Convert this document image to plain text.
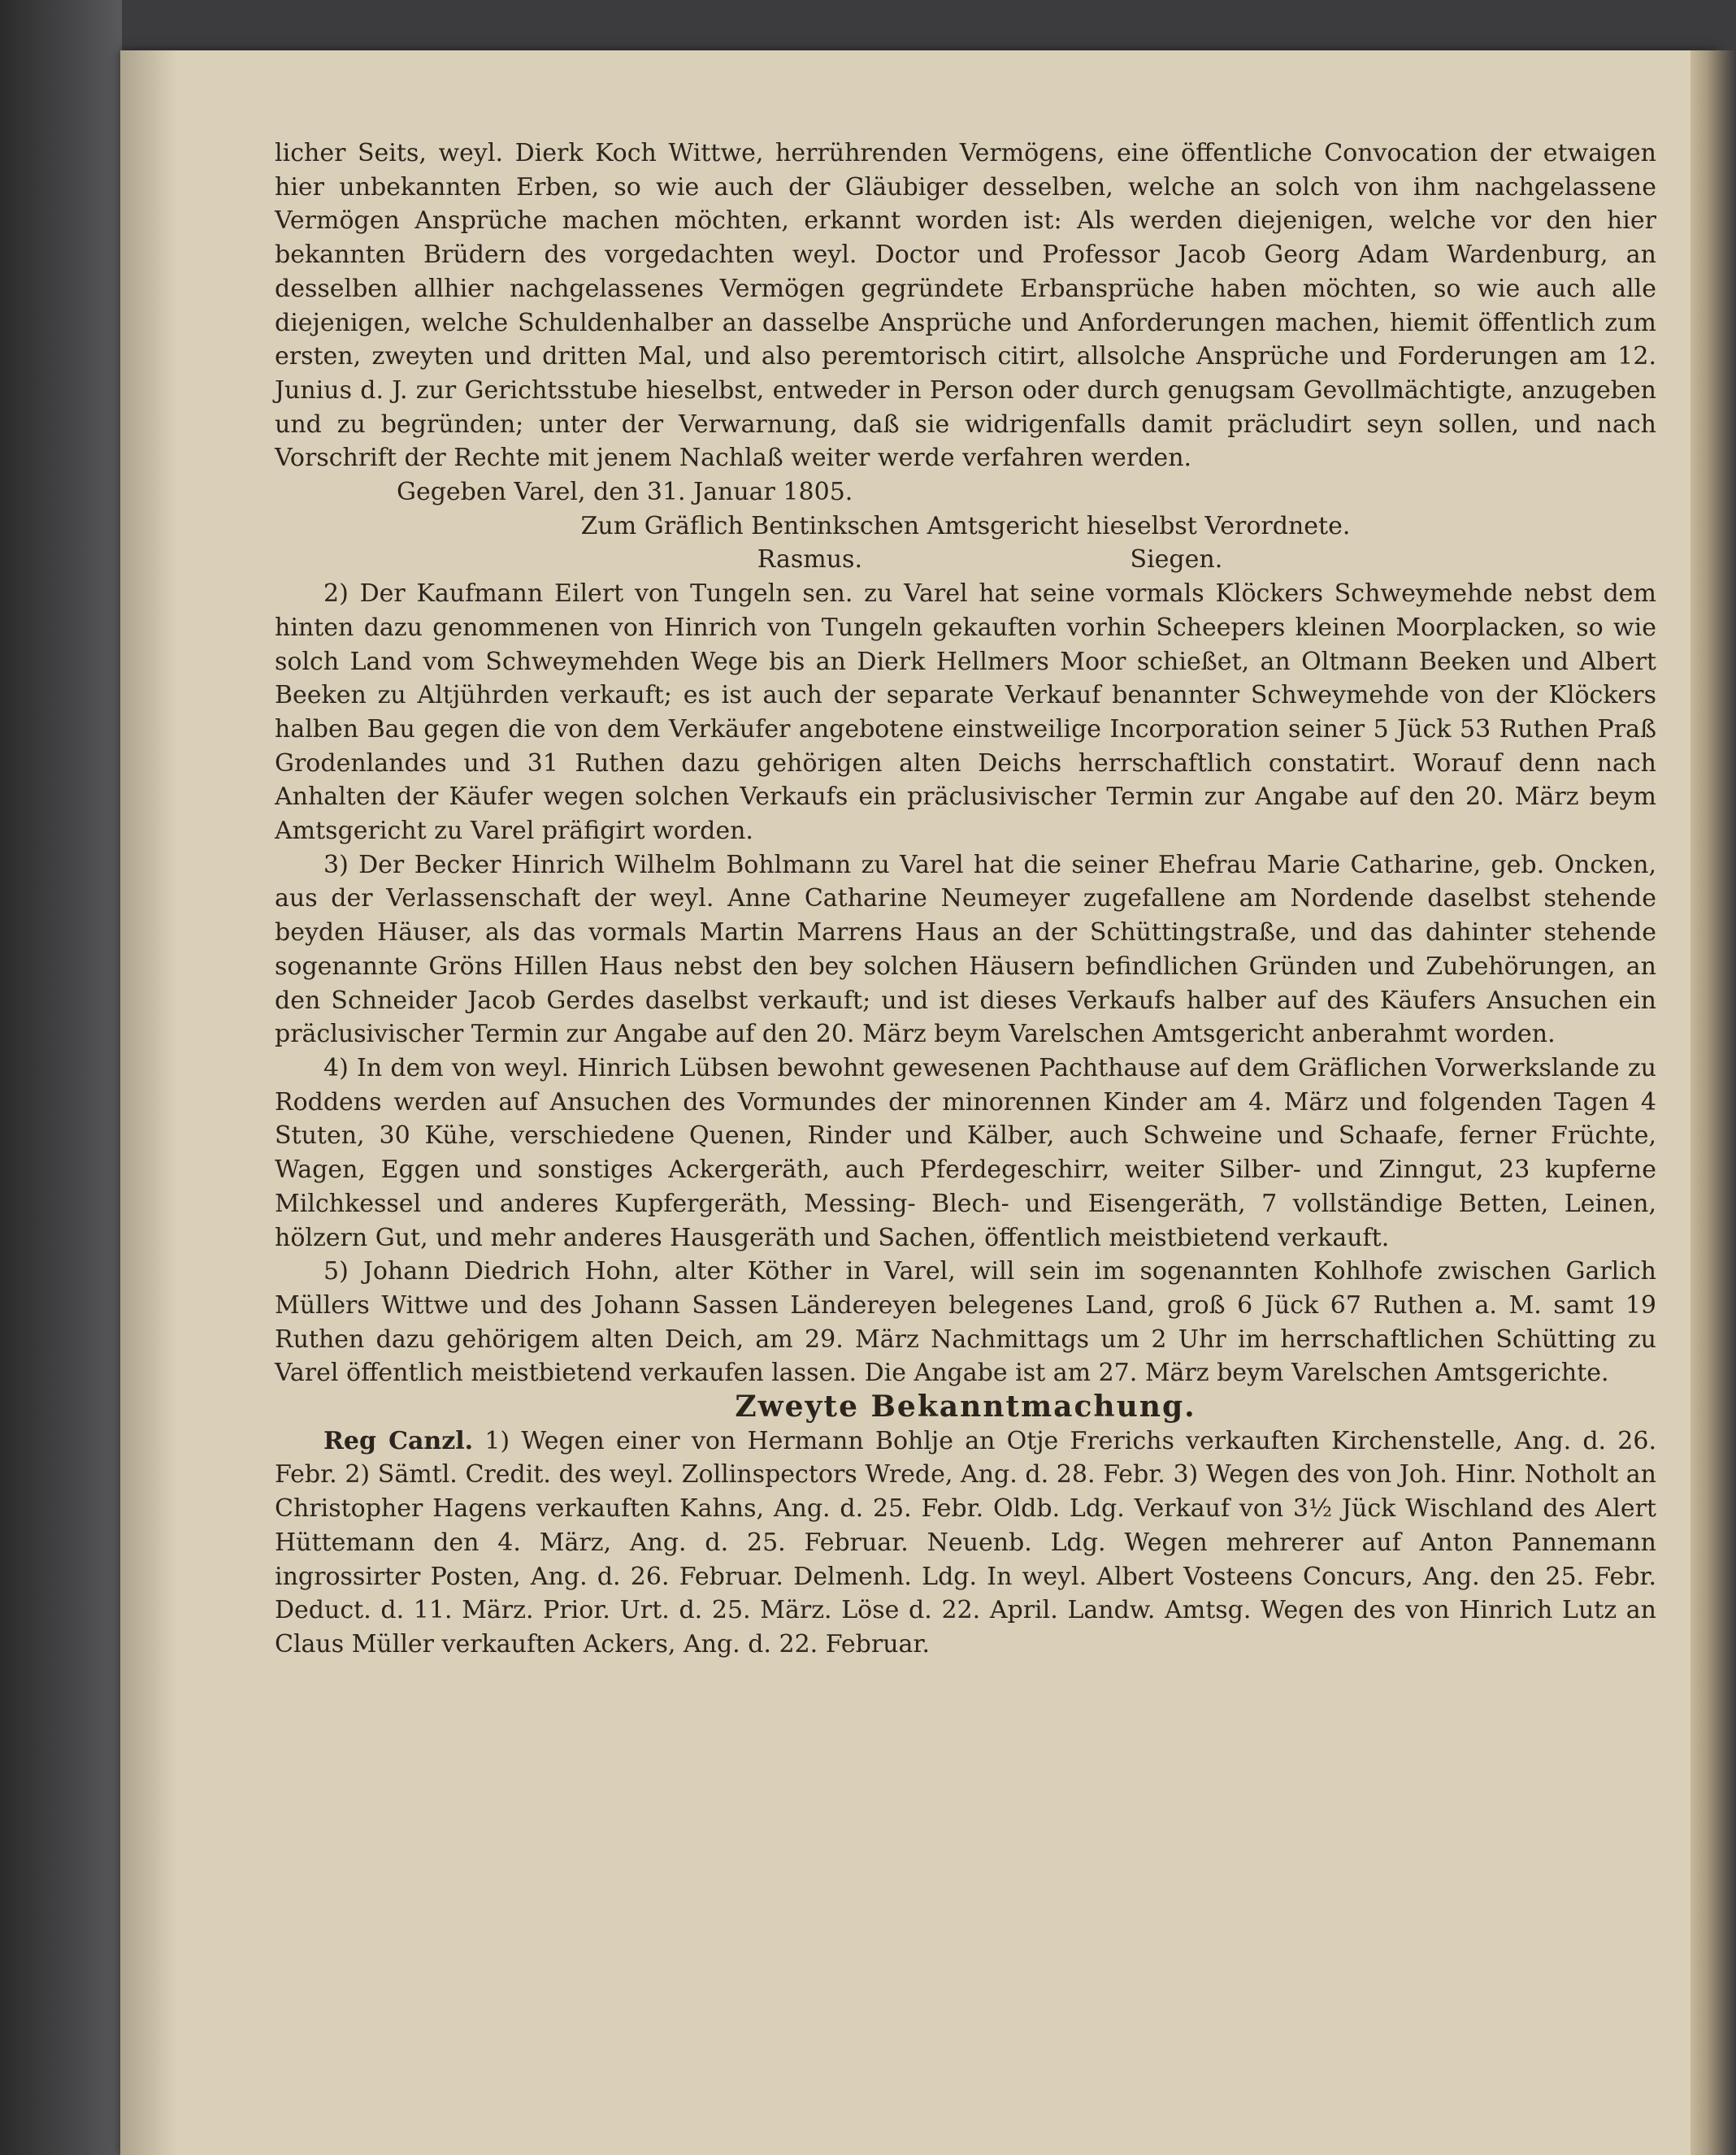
licher Seits, weyl. Dierk Koch Wittwe, herrührenden Vermögens, eine öffentliche Convocation der etwaigen hier unbekannten Erben, so wie auch der Gläubiger desselben, welche an solch von ihm nachgelassene Vermögen Ansprüche machen möchten, erkannt worden ist: Als werden diejenigen, welche vor den hier bekannten Brüdern des vorgedachten weyl. Doctor und Professor Jacob Georg Adam Wardenburg, an desselben allhier nachgelassenes Vermögen gegründete Erbansprüche haben möchten, so wie auch alle diejenigen, welche Schuldenhalber an dasselbe Ansprüche und Anforderungen machen, hiemit öffentlich zum ersten, zweyten und dritten Mal, und also peremtorisch citirt, allsolche Ansprüche und Forderungen am 12. Junius d. J. zur Gerichtsstube hieselbst, entweder in Person oder durch genugsam Gevollmächtigte, anzugeben und zu begründen; unter der Verwarnung, daß sie widrigenfalls damit präcludirt seyn sollen, und nach Vorschrift der Rechte mit jenem Nachlaß weiter werde verfahren werden.

Gegeben Varel, den 31. Januar 1805.

Zum Gräflich Bentinkschen Amtsgericht hieselbst Verordnete.

Rasmus. Siegen.

2) Der Kaufmann Eilert von Tungeln sen. zu Varel hat seine vormals Klöckers Schweymehde nebst dem hinten dazu genommenen von Hinrich von Tungeln gekauften vorhin Scheepers kleinen Moorplacken, so wie solch Land vom Schweymehden Wege bis an Dierk Hellmers Moor schießet, an Oltmann Beeken und Albert Beeken zu Altjührden verkauft; es ist auch der separate Verkauf benannter Schweymehde von der Klöckers halben Bau gegen die von dem Verkäufer angebotene einstweilige Incorporation seiner 5 Jück 53 Ruthen Praß Grodenlandes und 31 Ruthen dazu gehörigen alten Deichs herrschaftlich constatirt. Worauf denn nach Anhalten der Käufer wegen solchen Verkaufs ein präclusivischer Termin zur Angabe auf den 20. März beym Amtsgericht zu Varel präfigirt worden.

3) Der Becker Hinrich Wilhelm Bohlmann zu Varel hat die seiner Ehefrau Marie Catharine, geb. Oncken, aus der Verlassenschaft der weyl. Anne Catharine Neumeyer zugefallene am Nordende daselbst stehende beyden Häuser, als das vormals Martin Marrens Haus an der Schüttingstraße, und das dahinter stehende sogenannte Gröns Hillen Haus nebst den bey solchen Häusern befindlichen Gründen und Zubehörungen, an den Schneider Jacob Gerdes daselbst verkauft; und ist dieses Verkaufs halber auf des Käufers Ansuchen ein präclusivischer Termin zur Angabe auf den 20. März beym Varelschen Amtsgericht anberahmt worden.

4) In dem von weyl. Hinrich Lübsen bewohnt gewesenen Pachthause auf dem Gräflichen Vorwerkslande zu Roddens werden auf Ansuchen des Vormundes der minorennen Kinder am 4. März und folgenden Tagen 4 Stuten, 30 Kühe, verschiedene Quenen, Rinder und Kälber, auch Schweine und Schaafe, ferner Früchte, Wagen, Eggen und sonstiges Ackergeräth, auch Pferdegeschirr, weiter Silber- und Zinngut, 23 kupferne Milchkessel und anderes Kupfergeräth, Messing- Blech- und Eisengeräth, 7 vollständige Betten, Leinen, hölzern Gut, und mehr anderes Hausgeräth und Sachen, öffentlich meistbietend verkauft.

5) Johann Diedrich Hohn, alter Köther in Varel, will sein im sogenannten Kohlhofe zwischen Garlich Müllers Wittwe und des Johann Sassen Ländereyen belegenes Land, groß 6 Jück 67 Ruthen a. M. samt 19 Ruthen dazu gehörigem alten Deich, am 29. März Nachmittags um 2 Uhr im herrschaftlichen Schütting zu Varel öffentlich meistbietend verkaufen lassen. Die Angabe ist am 27. März beym Varelschen Amtsgerichte.

Zweyte Bekanntmachung.

Reg Canzl. 1) Wegen einer von Hermann Bohlje an Otje Frerichs verkauften Kirchenstelle, Ang. d. 26. Febr. 2) Sämtl. Credit. des weyl. Zollinspectors Wrede, Ang. d. 28. Febr. 3) Wegen des von Joh. Hinr. Notholt an Christopher Hagens verkauften Kahns, Ang. d. 25. Febr. Oldb. Ldg. Verkauf von 3½ Jück Wischland des Alert Hüttemann den 4. März, Ang. d. 25. Februar. Neuenb. Ldg. Wegen mehrerer auf Anton Pannemann ingrossirter Posten, Ang. d. 26. Februar. Delmenh. Ldg. In weyl. Albert Vosteens Concurs, Ang. den 25. Febr. Deduct. d. 11. März. Prior. Urt. d. 25. März. Löse d. 22. April. Landw. Amtsg. Wegen des von Hinrich Lutz an Claus Müller verkauften Ackers, Ang. d. 22. Februar.
